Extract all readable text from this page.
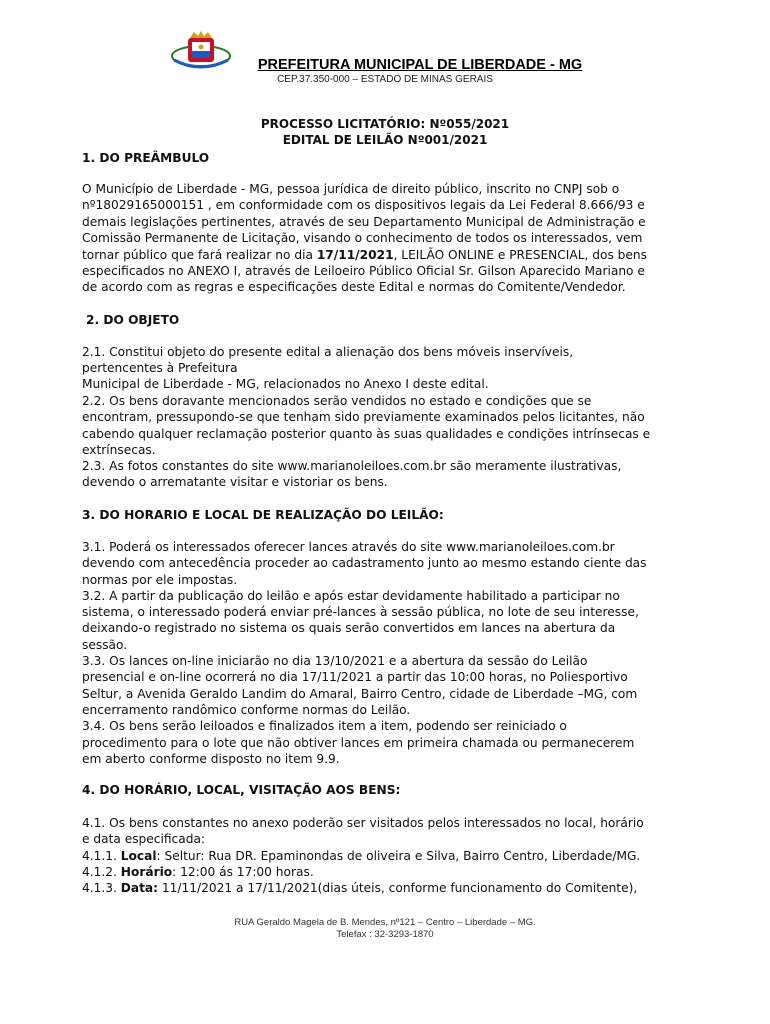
PREFEITURA MUNICIPAL DE LIBERDADE - MG
CEP.37.350-000 – ESTADO DE MINAS GERAIS
PROCESSO LICITATÓRIO: Nº055/2021
EDITAL DE LEILÃO Nº001/2021
1. DO PREÂMBULO
O Município de Liberdade - MG, pessoa jurídica de direito público, inscrito no CNPJ sob o
nº18029165000151 , em conformidade com os dispositivos legais da Lei Federal 8.666/93 e
demais legislações pertinentes, através de seu Departamento Municipal de Administração e
Comissão Permanente de Licitação, visando o conhecimento de todos os interessados, vem
tornar público que fará realizar no dia 17/11/2021, LEILÃO ONLINE e PRESENCIAL, dos bens
especificados no ANEXO I, através de Leiloeiro Público Oficial Sr. Gilson Aparecido Mariano e
de acordo com as regras e especificações deste Edital e normas do Comitente/Vendedor.
2. DO OBJETO
2.1. Constitui objeto do presente edital a alienação dos bens móveis inservíveis,
pertencentes à Prefeitura
Municipal de Liberdade - MG, relacionados no Anexo I deste edital.
2.2. Os bens doravante mencionados serão vendidos no estado e condições que se
encontram, pressupondo-se que tenham sido previamente examinados pelos licitantes, não
cabendo qualquer reclamação posterior quanto às suas qualidades e condições intrínsecas e
extrínsecas.
2.3. As fotos constantes do site www.marianoleiloes.com.br são meramente ilustrativas,
devendo o arrematante visitar e vistoriar os bens.
3. DO HORARIO E LOCAL DE REALIZAÇÃO DO LEILÃO:
3.1. Poderá os interessados oferecer lances através do site www.marianoleiloes.com.br
devendo com antecedência proceder ao cadastramento junto ao mesmo estando ciente das
normas por ele impostas.
3.2. A partir da publicação do leilão e após estar devidamente habilitado a participar no
sistema, o interessado poderá enviar pré-lances à sessão pública, no lote de seu interesse,
deixando-o registrado no sistema os quais serão convertidos em lances na abertura da
sessão.
3.3. Os lances on-line iniciarão no dia 13/10/2021 e a abertura da sessão do Leilão
presencial e on-line ocorrerá no dia 17/11/2021 a partir das 10:00 horas, no Poliesportivo
Seltur, a Avenida Geraldo Landim do Amaral, Bairro Centro, cidade de Liberdade –MG, com
encerramento randômico conforme normas do Leilão.
3.4. Os bens serão leiloados e finalizados item a item, podendo ser reiniciado o
procedimento para o lote que não obtiver lances em primeira chamada ou permanecerem
em aberto conforme disposto no item 9.9.
4. DO HORÁRIO, LOCAL, VISITAÇÃO AOS BENS:
4.1. Os bens constantes no anexo poderão ser visitados pelos interessados no local, horário
e data especificada:
4.1.1. Local: Seltur: Rua DR. Epaminondas de oliveira e Silva, Bairro Centro, Liberdade/MG.
4.1.2. Horário: 12:00 ás 17:00 horas.
4.1.3. Data: 11/11/2021 a 17/11/2021(dias úteis, conforme funcionamento do Comitente),
RUA Geraldo Magela de B. Mendes, nº121 – Centro – Liberdade – MG.
Telefax : 32-3293-1870
